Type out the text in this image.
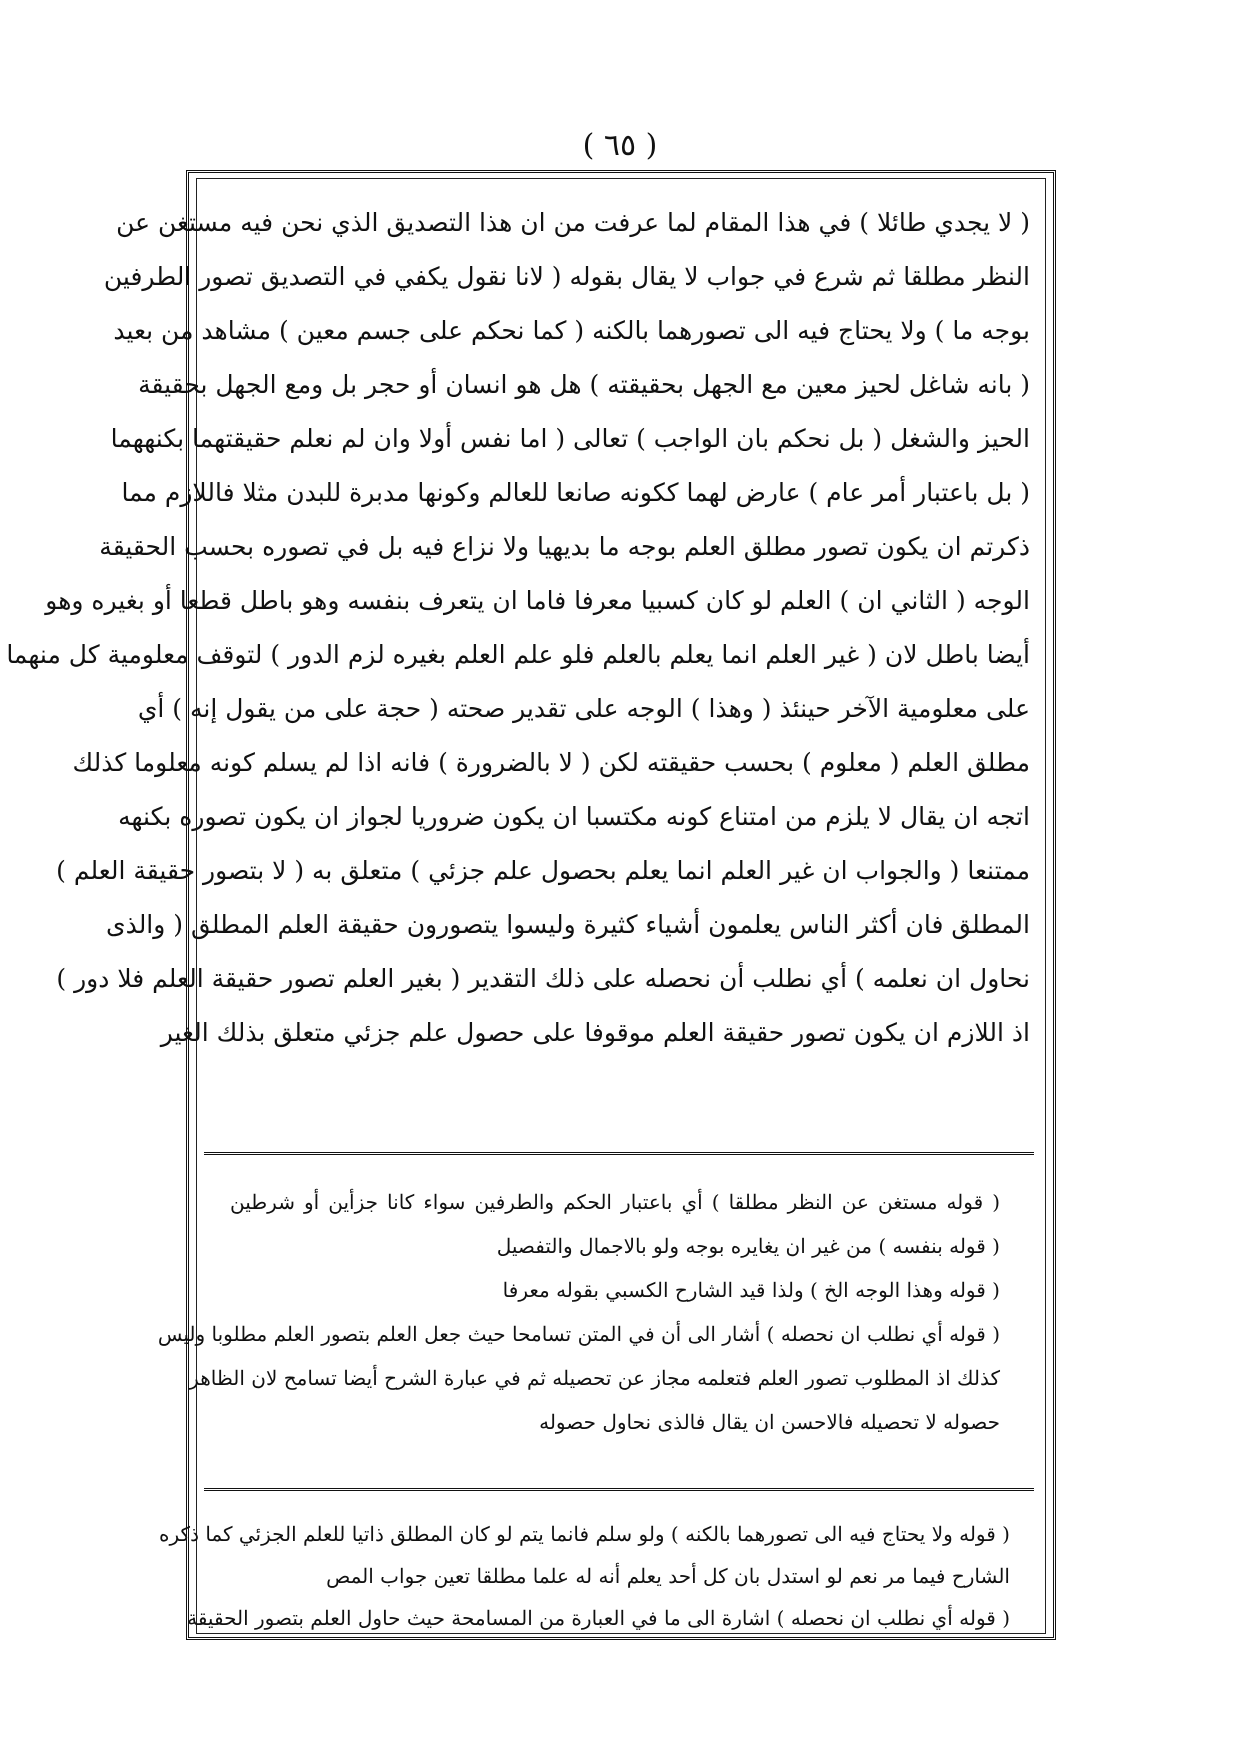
( ٦٥ )
( لا يجدي طائلا ) في هذا المقام لما عرفت من ان هذا التصديق الذي نحن فيه مستغن عن
النظر مطلقا ثم شرع في جواب لا يقال بقوله ( لانا نقول يكفي في التصديق تصور الطرفين
بوجه ما ) ولا يحتاج فيه الى تصورهما بالكنه ( كما نحكم على جسم معين ) مشاهد من بعيد
( بانه شاغل لحيز معين مع الجهل بحقيقته ) هل هو انسان أو حجر بل ومع الجهل بحقيقة
الحيز والشغل ( بل نحكم بان الواجب ) تعالى ( اما نفس أولا وان لم نعلم حقيقتهما بكنههما
( بل باعتبار أمر عام ) عارض لهما ككونه صانعا للعالم وكونها مدبرة للبدن مثلا فاللازم مما
ذكرتم ان يكون تصور مطلق العلم بوجه ما بديهيا ولا نزاع فيه بل في تصوره بحسب الحقيقة
الوجه ( الثاني ان ) العلم لو كان كسبيا معرفا فاما ان يتعرف بنفسه وهو باطل قطعا أو بغيره وهو
أيضا باطل لان ( غير العلم انما يعلم بالعلم فلو علم العلم بغيره لزم الدور ) لتوقف معلومية كل منهما
على معلومية الآخر حينئذ ( وهذا ) الوجه على تقدير صحته ( حجة على من يقول إنه ) أي
مطلق العلم ( معلوم ) بحسب حقيقته لكن ( لا بالضرورة ) فانه اذا لم يسلم كونه معلوما كذلك
اتجه ان يقال لا يلزم من امتناع كونه مكتسبا ان يكون ضروريا لجواز ان يكون تصوره بكنهه
ممتنعا ( والجواب ان غير العلم انما يعلم بحصول علم جزئي ) متعلق به ( لا بتصور حقيقة العلم )
المطلق فان أكثر الناس يعلمون أشياء كثيرة وليسوا يتصورون حقيقة العلم المطلق ( والذى
نحاول ان نعلمه ) أي نطلب أن نحصله على ذلك التقدير ( بغير العلم تصور حقيقة العلم فلا دور )
اذ اللازم ان يكون تصور حقيقة العلم موقوفا على حصول علم جزئي متعلق بذلك الغير
( قوله مستغن عن النظر مطلقا ) أي باعتبار الحكم والطرفين سواء كانا جزأين أو شرطين
( قوله بنفسه ) من غير ان يغايره بوجه ولو بالاجمال والتفصيل
( قوله وهذا الوجه الخ ) ولذا قيد الشارح الكسبي بقوله معرفا
( قوله أي نطلب ان نحصله ) أشار الى أن في المتن تسامحا حيث جعل العلم بتصور العلم مطلوبا وليس
كذلك اذ المطلوب تصور العلم فتعلمه مجاز عن تحصيله ثم في عبارة الشرح أيضا تسامح لان الظاهر
حصوله لا تحصيله فالاحسن ان يقال فالذى نحاول حصوله
( قوله ولا يحتاج فيه الى تصورهما بالكنه ) ولو سلم فانما يتم لو كان المطلق ذاتيا للعلم الجزئي كما ذكره
الشارح فيما مر نعم لو استدل بان كل أحد يعلم أنه له علما مطلقا تعين جواب المص
( قوله أي نطلب ان نحصله ) اشارة الى ما في العبارة من المسامحة حيث حاول العلم بتصور الحقيقة
